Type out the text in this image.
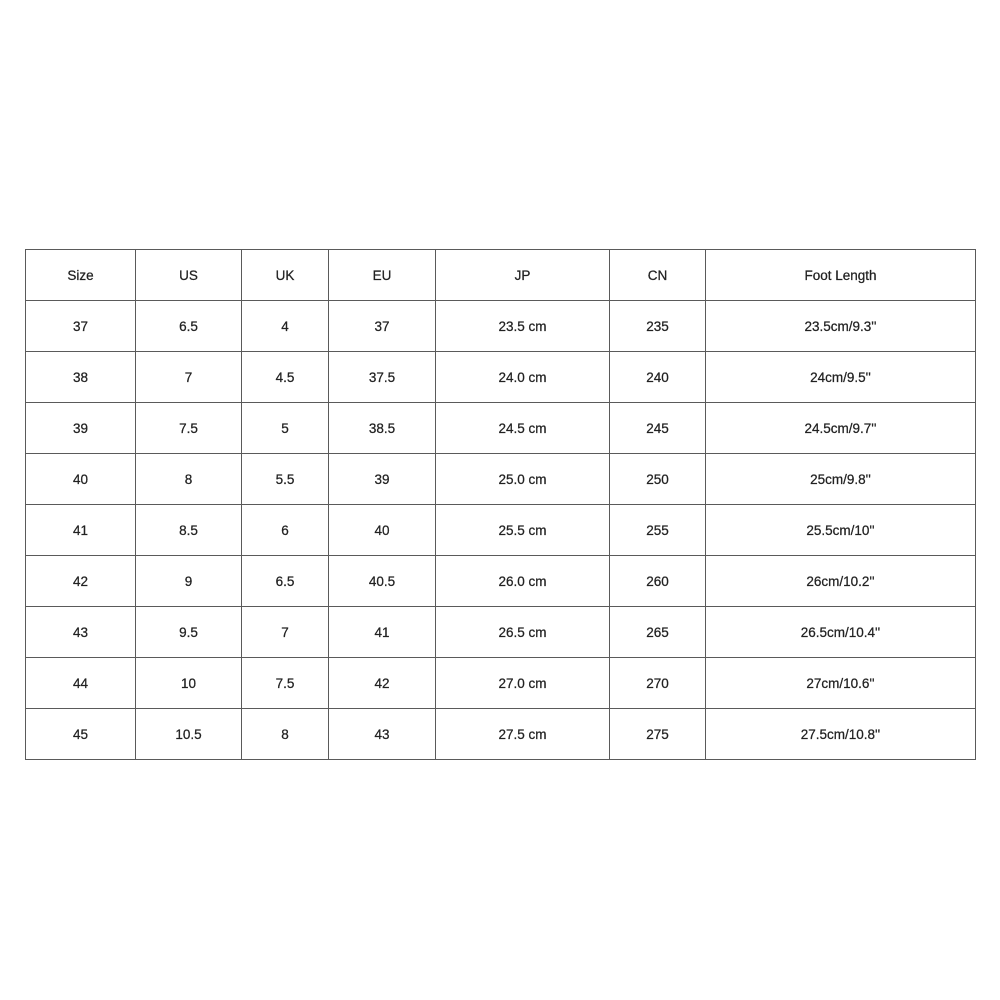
Size	US	UK	EU	JP	CN	Foot Length
37	6.5	4	37	23.5 cm	235	23.5cm/9.3''
38	7	4.5	37.5	24.0 cm	240	24cm/9.5''
39	7.5	5	38.5	24.5 cm	245	24.5cm/9.7''
40	8	5.5	39	25.0 cm	250	25cm/9.8''
41	8.5	6	40	25.5 cm	255	25.5cm/10''
42	9	6.5	40.5	26.0 cm	260	26cm/10.2''
43	9.5	7	41	26.5 cm	265	26.5cm/10.4''
44	10	7.5	42	27.0 cm	270	27cm/10.6''
45	10.5	8	43	27.5 cm	275	27.5cm/10.8''
